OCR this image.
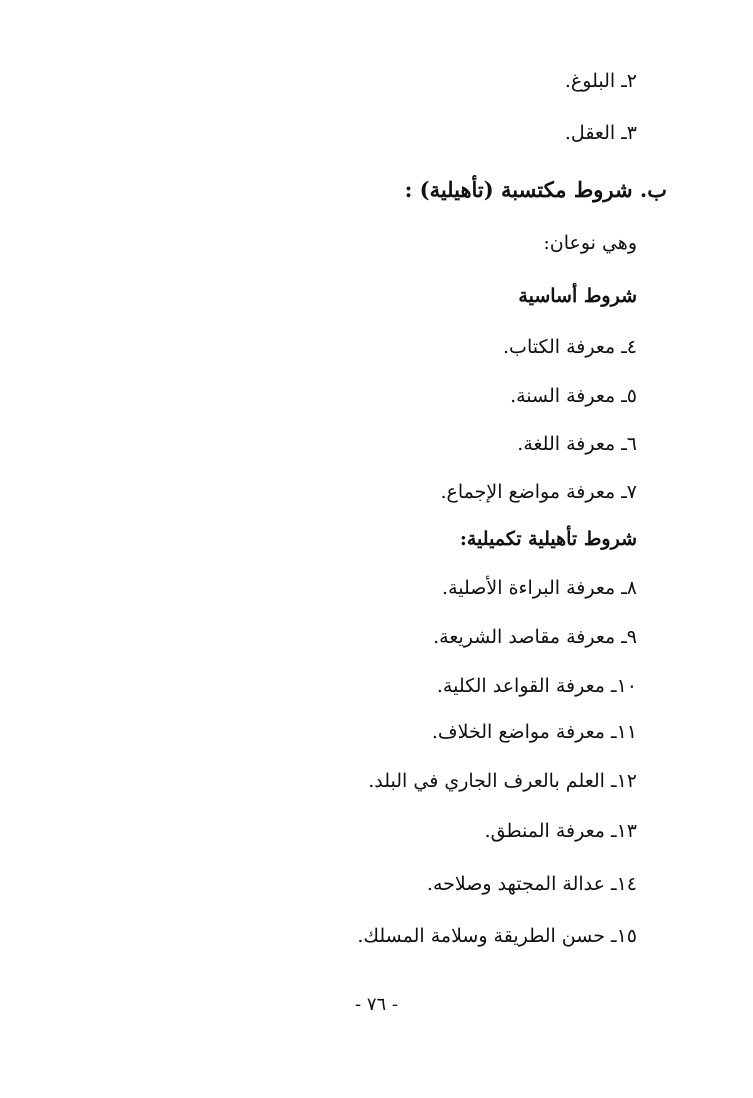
٢ـ البلوغ.
٣ـ العقل.
ب. شروط مكتسبة (تأهيلية) :
وهي نوعان:
شروط أساسية
٤ـ معرفة الكتاب.
٥ـ معرفة السنة.
٦ـ معرفة اللغة.
٧ـ معرفة مواضع الإجماع.
شروط تأهيلية تكميلية:
٨ـ معرفة البراءة الأصلية.
٩ـ معرفة مقاصد الشريعة.
١٠ـ معرفة القواعد الكلية.
١١ـ معرفة مواضع الخلاف.
١٢ـ العلم بالعرف الجاري في البلد.
١٣ـ معرفة المنطق.
١٤ـ عدالة المجتهد وصلاحه.
١٥ـ حسن الطريقة وسلامة المسلك.
- ٧٦ -
